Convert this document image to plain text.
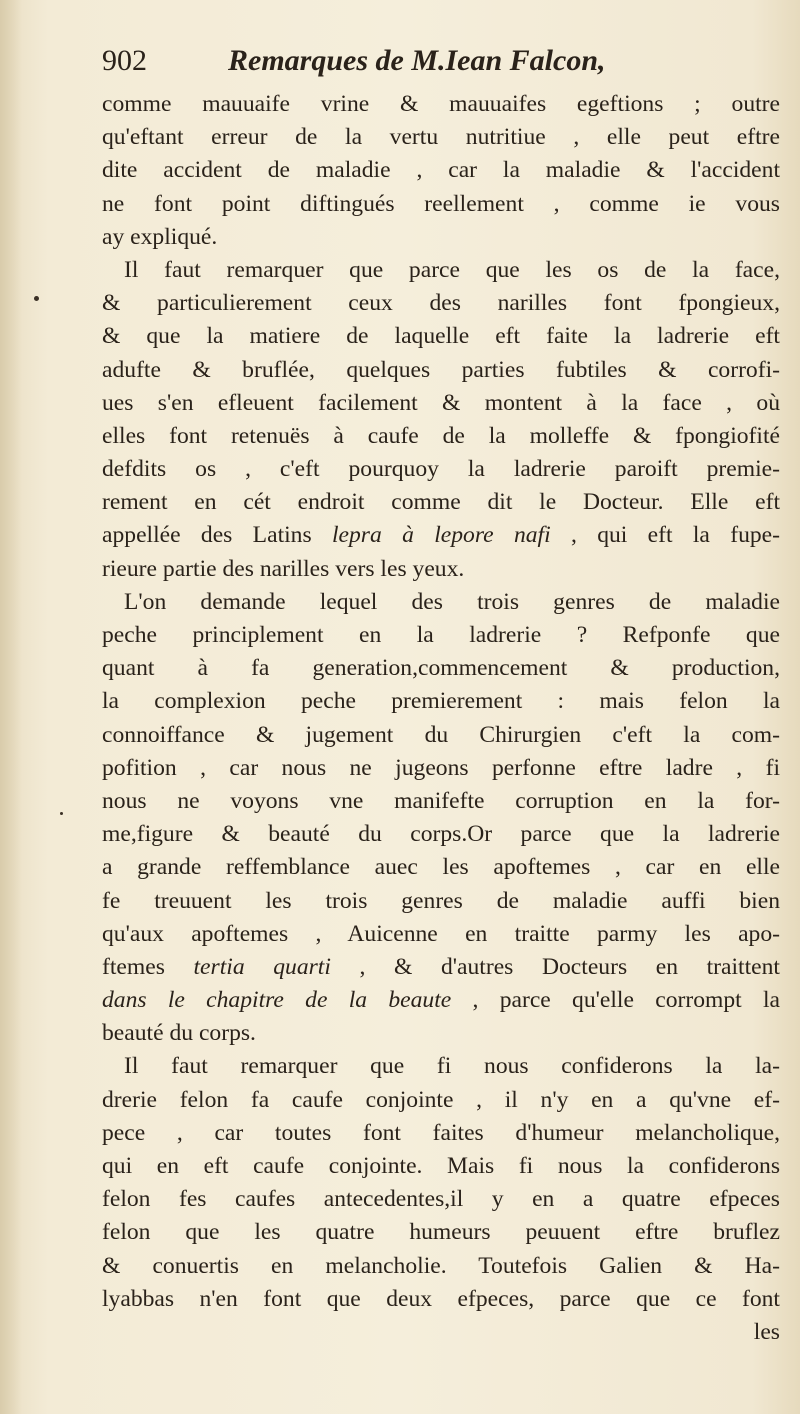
902	Remarques de M.Iean Falcon,
comme mauuaife vrine & mauuaifes egeftions ; outre
qu'eftant erreur de la vertu nutritiue , elle peut eftre
dite accident de maladie , car la maladie & l'accident
ne font point diftingués reellement , comme ie vous
ay expliqué.
Il faut remarquer que parce que les os de la face,
& particulierement ceux des narilles font fpongieux,
& que la matiere de laquelle eft faite la ladrerie eft
adufte & bruflée, quelques parties fubtiles & corrofi-
ues s'en efleuent facilement & montent à la face , où
elles font retenuës à caufe de la molleffe & fpongiofité
defdits os , c'eft pourquoy la ladrerie paroift premie-
rement en cét endroit comme dit le Docteur. Elle eft
appellée des Latins lepra à lepore nafi , qui eft la fupe-
rieure partie des narilles vers les yeux.
L'on demande lequel des trois genres de maladie
peche principlement en la ladrerie ? Refponfe que
quant à fa generation,commencement & production,
la complexion peche premierement : mais felon la
connoiffance & jugement du Chirurgien c'eft la com-
pofition , car nous ne jugeons perfonne eftre ladre , fi
nous ne voyons vne manifefte corruption en la for-
me,figure & beauté du corps.Or parce que la ladrerie
a grande reffemblance auec les apoftemes , car en elle
fe treuuent les trois genres de maladie auffi bien
qu'aux apoftemes , Auicenne en traitte parmy les apo-
ftemes tertia quarti , & d'autres Docteurs en traittent
dans le chapitre de la beaute , parce qu'elle corrompt la
beauté du corps.
Il faut remarquer que fi nous confiderons la la-
drerie felon fa caufe conjointe , il n'y en a qu'vne ef-
pece , car toutes font faites d'humeur melancholique,
qui en eft caufe conjointe. Mais fi nous la confiderons
felon fes caufes antecedentes,il y en a quatre efpeces
felon que les quatre humeurs peuuent eftre bruflez
& conuertis en melancholie. Toutefois Galien & Ha-
lyabbas n'en font que deux efpeces, parce que ce font
les
